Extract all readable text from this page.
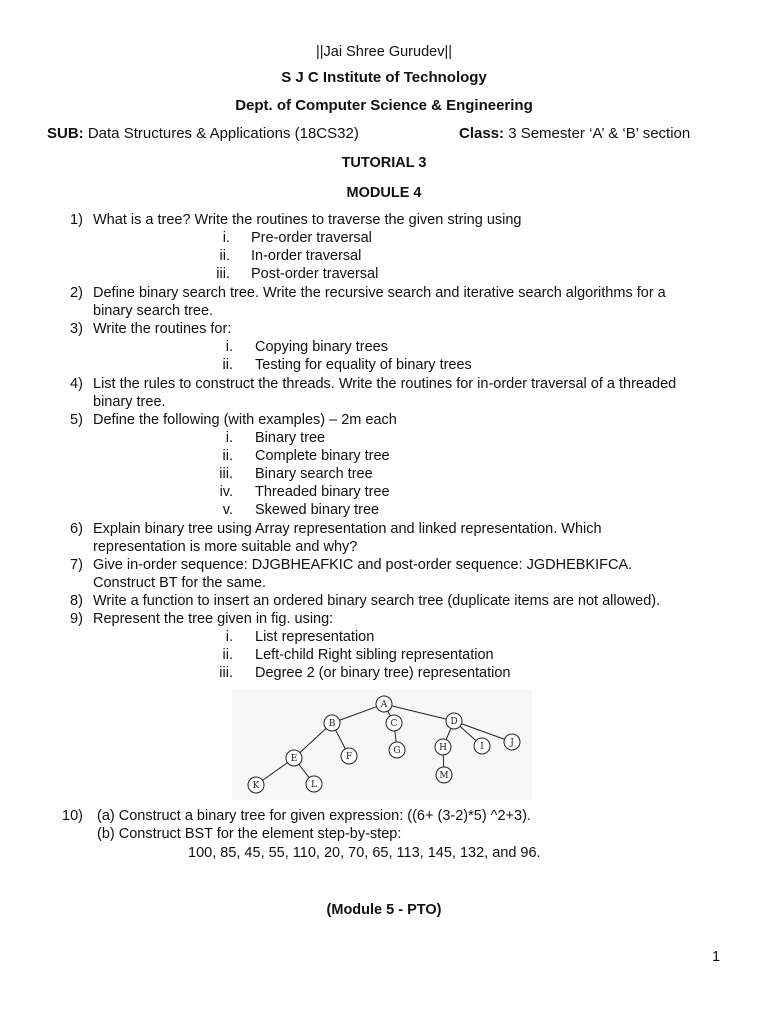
||Jai Shree Gurudev||
S J C Institute of Technology
Dept. of Computer Science & Engineering
SUB: Data Structures & Applications (18CS32)	Class: 3 Semester ‘A’ & ‘B’ section
TUTORIAL 3
MODULE 4
1) What is a tree? Write the routines to traverse the given string using
i. Pre-order traversal
ii. In-order traversal
iii. Post-order traversal
2) Define binary search tree. Write the recursive search and iterative search algorithms for a
binary search tree.
3) Write the routines for:
i. Copying binary trees
ii. Testing for equality of binary trees
4) List the rules to construct the threads. Write the routines for in-order traversal of a threaded
binary tree.
5) Define the following (with examples) – 2m each
i. Binary tree
ii. Complete binary tree
iii. Binary search tree
iv. Threaded binary tree
v. Skewed binary tree
6) Explain binary tree using Array representation and linked representation. Which
representation is more suitable and why?
7) Give in-order sequence: DJGBHEAFKIC and post-order sequence: JGDHEBKIFCA.
Construct BT for the same.
8) Write a function to insert an ordered binary search tree (duplicate items are not allowed).
9) Represent the tree given in fig. using:
i. List representation
ii. Left-child Right sibling representation
iii. Degree 2 (or binary tree) representation
A
B	C	D
E	F
G	H	I	J
K	L
M
10) (a) Construct a binary tree for given expression: ((6+ (3-2)*5) ^2+3).
(b) Construct BST for the element step-by-step:
100, 85, 45, 55, 110, 20, 70, 65, 113, 145, 132, and 96.
(Module 5 - PTO)
1
